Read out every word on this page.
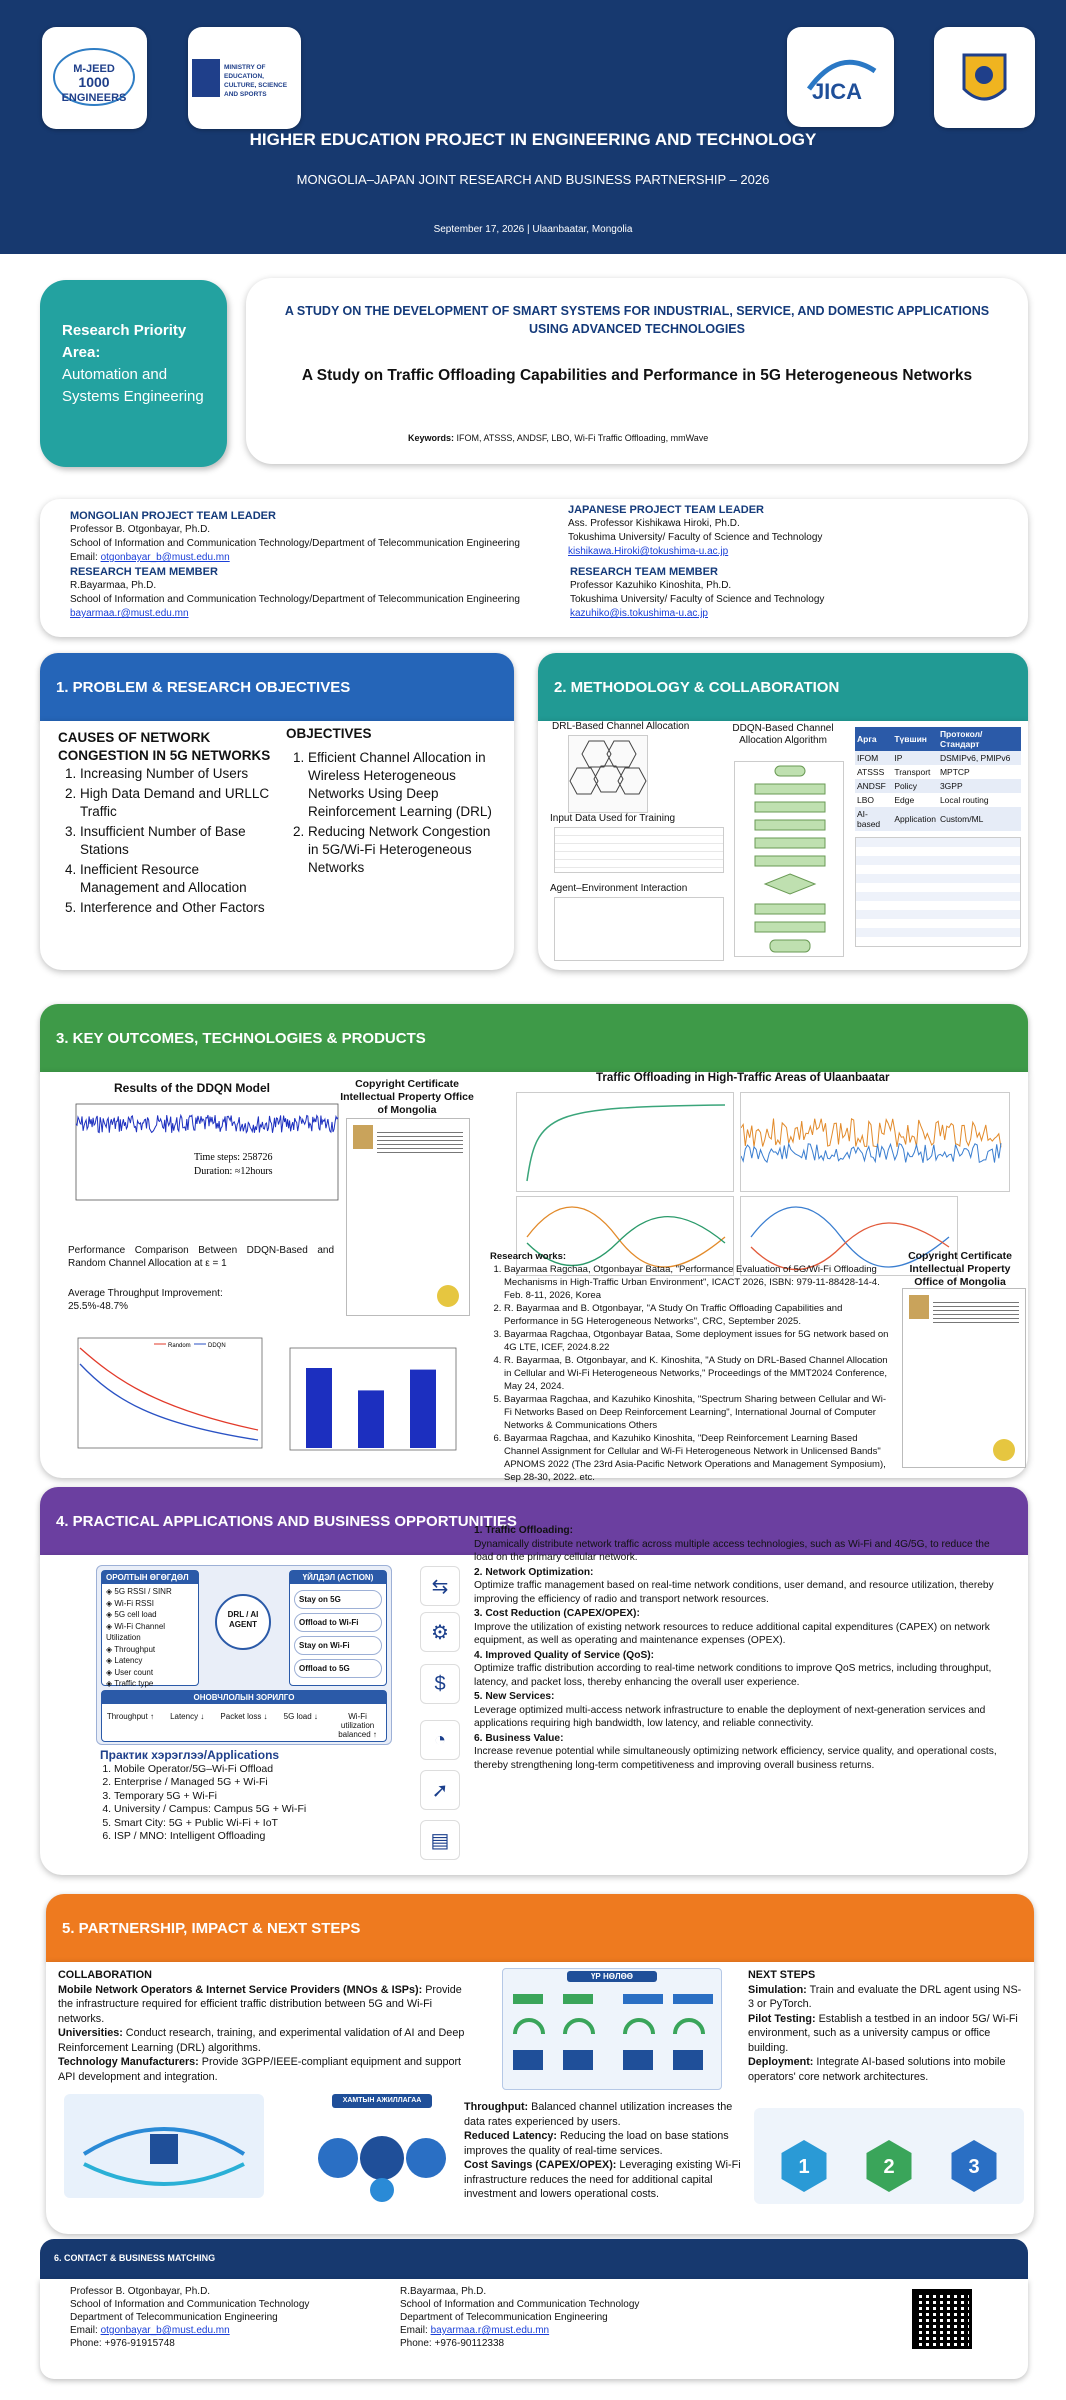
M-JEED
1000
ENGINEERS
MINISTRY OF EDUCATION, CULTURE, SCIENCE AND SPORTS	JICA
HIGHER EDUCATION PROJECT IN ENGINEERING AND TECHNOLOGY
MONGOLIA–JAPAN JOINT RESEARCH AND BUSINESS PARTNERSHIP – 2026
September 17, 2026 | Ulaanbaatar, Mongolia
Research Priority Area:
Automation and Systems Engineering
A STUDY ON THE DEVELOPMENT OF SMART SYSTEMS FOR INDUSTRIAL, SERVICE, AND DOMESTIC APPLICATIONS USING ADVANCED TECHNOLOGIES
A Study on Traffic Offloading Capabilities and Performance in 5G Heterogeneous Networks
Keywords: IFOM, ATSSS, ANDSF, LBO, Wi-Fi Traffic Offloading, mmWave
MONGOLIAN PROJECT TEAM LEADER
Professor B. Otgonbayar, Ph.D.
School of Information and Communication Technology/Department of Telecommunication Engineering
Email: otgonbayar_b@must.edu.mn
RESEARCH TEAM MEMBER
R.Bayarmaa, Ph.D.
School of Information and Communication Technology/Department of Telecommunication Engineering
bayarmaa.r@must.edu.mn
JAPANESE PROJECT TEAM LEADER
Ass. Professor Kishikawa Hiroki, Ph.D.
Tokushima University/ Faculty of Science and Technology
kishikawa.Hiroki@tokushima-u.ac.jp
RESEARCH TEAM MEMBER
Professor Kazuhiko Kinoshita, Ph.D.
Tokushima University/ Faculty of Science and Technology
kazuhiko@is.tokushima-u.ac.jp
1. PROBLEM & RESEARCH OBJECTIVES
CAUSES OF NETWORK CONGESTION IN 5G NETWORKS
1. Increasing Number of Users
2. High Data Demand and URLLC Traffic
3. Insufficient Number of Base Stations
4. Inefficient Resource Management and Allocation
5. Interference and Other Factors
OBJECTIVES
1. Efficient Channel Allocation in Wireless Heterogeneous Networks Using Deep Reinforcement Learning (DRL)
2. Reducing Network Congestion in 5G/Wi-Fi Heterogeneous Networks
2. METHODOLOGY & COLLABORATION
DRL-Based Channel Allocation
Input Data Used for Training
Agent–Environment Interaction
DDQN-Based Channel Allocation Algorithm	Арга	Түвшин	Протокол/ Стандарт
IFOM	IP	DSMIPv6, PMIPv6
ATSSS	Transport	MPTCP
ANDSF	Policy	3GPP
LBO	Edge	Local routing
AI-based	Application	Custom/ML
3. KEY OUTCOMES, TECHNOLOGIES & PRODUCTS
Results of the DDQN Model
Time steps: 258726
Duration: ≈12hours
Copyright Certificate Intellectual Property Office of Mongolia
Performance Comparison Between DDQN-Based and Random Channel Allocation at ε = 1
Average Throughput Improvement: 25.5%-48.7%
Random	DDQN
Traffic Offloading in High-Traffic Areas of Ulaanbaatar
Research works:
1. Bayarmaa Ragchaa, Otgonbayar Bataa, "Performance Evaluation of 5G/Wi-Fi Offloading Mechanisms in High-Traffic Urban Environment", ICACT 2026, ISBN: 979-11-88428-14-4. Feb. 8-11, 2026, Korea
2. R. Bayarmaa and B. Otgonbayar, "A Study On Traffic Offloading Capabilities and Performance in 5G Heterogeneous Networks", CRC, September 2025.
3. Bayarmaa Ragchaa, Otgonbayar Bataa, Some deployment issues for 5G network based on 4G LTE, ICEF, 2024.8.22
4. R. Bayarmaa, B. Otgonbayar, and K. Kinoshita, "A Study on DRL-Based Channel Allocation in Cellular and Wi-Fi Heterogeneous Networks," Proceedings of the MMT2024 Conference, May 24, 2024.
5. Bayarmaa Ragchaa, and Kazuhiko Kinoshita, "Spectrum Sharing between Cellular and Wi-Fi Networks Based on Deep Reinforcement Learning", International Journal of Computer Networks & Communications Others
6. Bayarmaa Ragchaa, and Kazuhiko Kinoshita, "Deep Reinforcement Learning Based Channel Assignment for Cellular and Wi-Fi Heterogeneous Network in Unlicensed Bands" APNOMS 2022 (The 23rd Asia-Pacific Network Operations and Management Symposium), Sep 28-30, 2022. etc.
Copyright Certificate Intellectual Property Office of Mongolia
4. PRACTICAL APPLICATIONS AND BUSINESS OPPORTUNITIES
ОРОЛТЫН ӨГӨГДӨЛ
◈ 5G RSSI / SINR
◈ Wi-Fi RSSI
◈ 5G cell load
◈ Wi-Fi Channel Utilization
◈ Throughput
◈ Latency
◈ User count
◈ Traffic type
DRL / AI AGENT
ҮЙЛДЭЛ (ACTION)
Stay on 5G
Offload to Wi-Fi
Stay on Wi-Fi
Offload to 5G
ОНОВЧЛОЛЫН ЗОРИЛГО
Throughput ↑	Latency ↓	Packet loss ↓	5G load ↓	Wi-Fi utilization balanced ↑
Практик хэрэглээ/Applications
1. Mobile Operator/5G–Wi-Fi Offload
2. Enterprise / Managed 5G + Wi-Fi
3. Temporary 5G + Wi-Fi
4. University / Campus: Campus 5G + Wi-Fi
5. Smart City: 5G + Public Wi-Fi + IoT
6. ISP / MNO: Intelligent Offloading
⇆
⚙
$
◔
➚
▤

1. Traffic Offloading:
Dynamically distribute network traffic across multiple access technologies, such as Wi-Fi and 4G/5G, to reduce the load on the primary cellular network.

2. Network Optimization:
Optimize traffic management based on real-time network conditions, user demand, and resource utilization, thereby improving the efficiency of radio and transport network resources.

3. Cost Reduction (CAPEX/OPEX):
Improve the utilization of existing network resources to reduce additional capital expenditures (CAPEX) on network equipment, as well as operating and maintenance expenses (OPEX).

4. Improved Quality of Service (QoS):
Optimize traffic distribution according to real-time network conditions to improve QoS metrics, including throughput, latency, and packet loss, thereby enhancing the overall user experience.

5. New Services:
Leverage optimized multi-access network infrastructure to enable the deployment of next-generation services and applications requiring high bandwidth, low latency, and reliable connectivity.

6. Business Value:
Increase revenue potential while simultaneously optimizing network efficiency, service quality, and operational costs, thereby strengthening long-term competitiveness and improving overall business returns.

5. PARTNERSHIP, IMPACT & NEXT STEPS
COLLABORATION
Mobile Network Operators & Internet Service Providers (MNOs & ISPs): Provide the infrastructure required for efficient traffic distribution between 5G and Wi-Fi networks.
Universities: Conduct research, training, and experimental validation of AI and Deep Reinforcement Learning (DRL) algorithms.
Technology Manufacturers: Provide 3GPP/IEEE-compliant equipment and support API development and integration.
ХАМТЫН АЖИЛЛАГАА
ҮР НӨЛӨӨ
Throughput: Balanced channel utilization increases the data rates experienced by users.
Reduced Latency: Reducing the load on base stations improves the quality of real-time services.
Cost Savings (CAPEX/OPEX): Leveraging existing Wi-Fi infrastructure reduces the need for additional capital investment and lowers operational costs.
NEXT STEPS
Simulation: Train and evaluate the DRL agent using NS-3 or PyTorch.
Pilot Testing: Establish a testbed in an indoor 5G/ Wi-Fi environment, such as a university campus or office building.
Deployment: Integrate AI-based solutions into mobile operators' core network architectures.
1	2	3
6. CONTACT & BUSINESS MATCHING
Professor B. Otgonbayar, Ph.D.
School of Information and Communication Technology
Department of Telecommunication Engineering
Email: otgonbayar_b@must.edu.mn
Phone: +976-91915748
R.Bayarmaa, Ph.D.
School of Information and Communication Technology
Department of Telecommunication Engineering
Email: bayarmaa.r@must.edu.mn
Phone: +976-90112338
